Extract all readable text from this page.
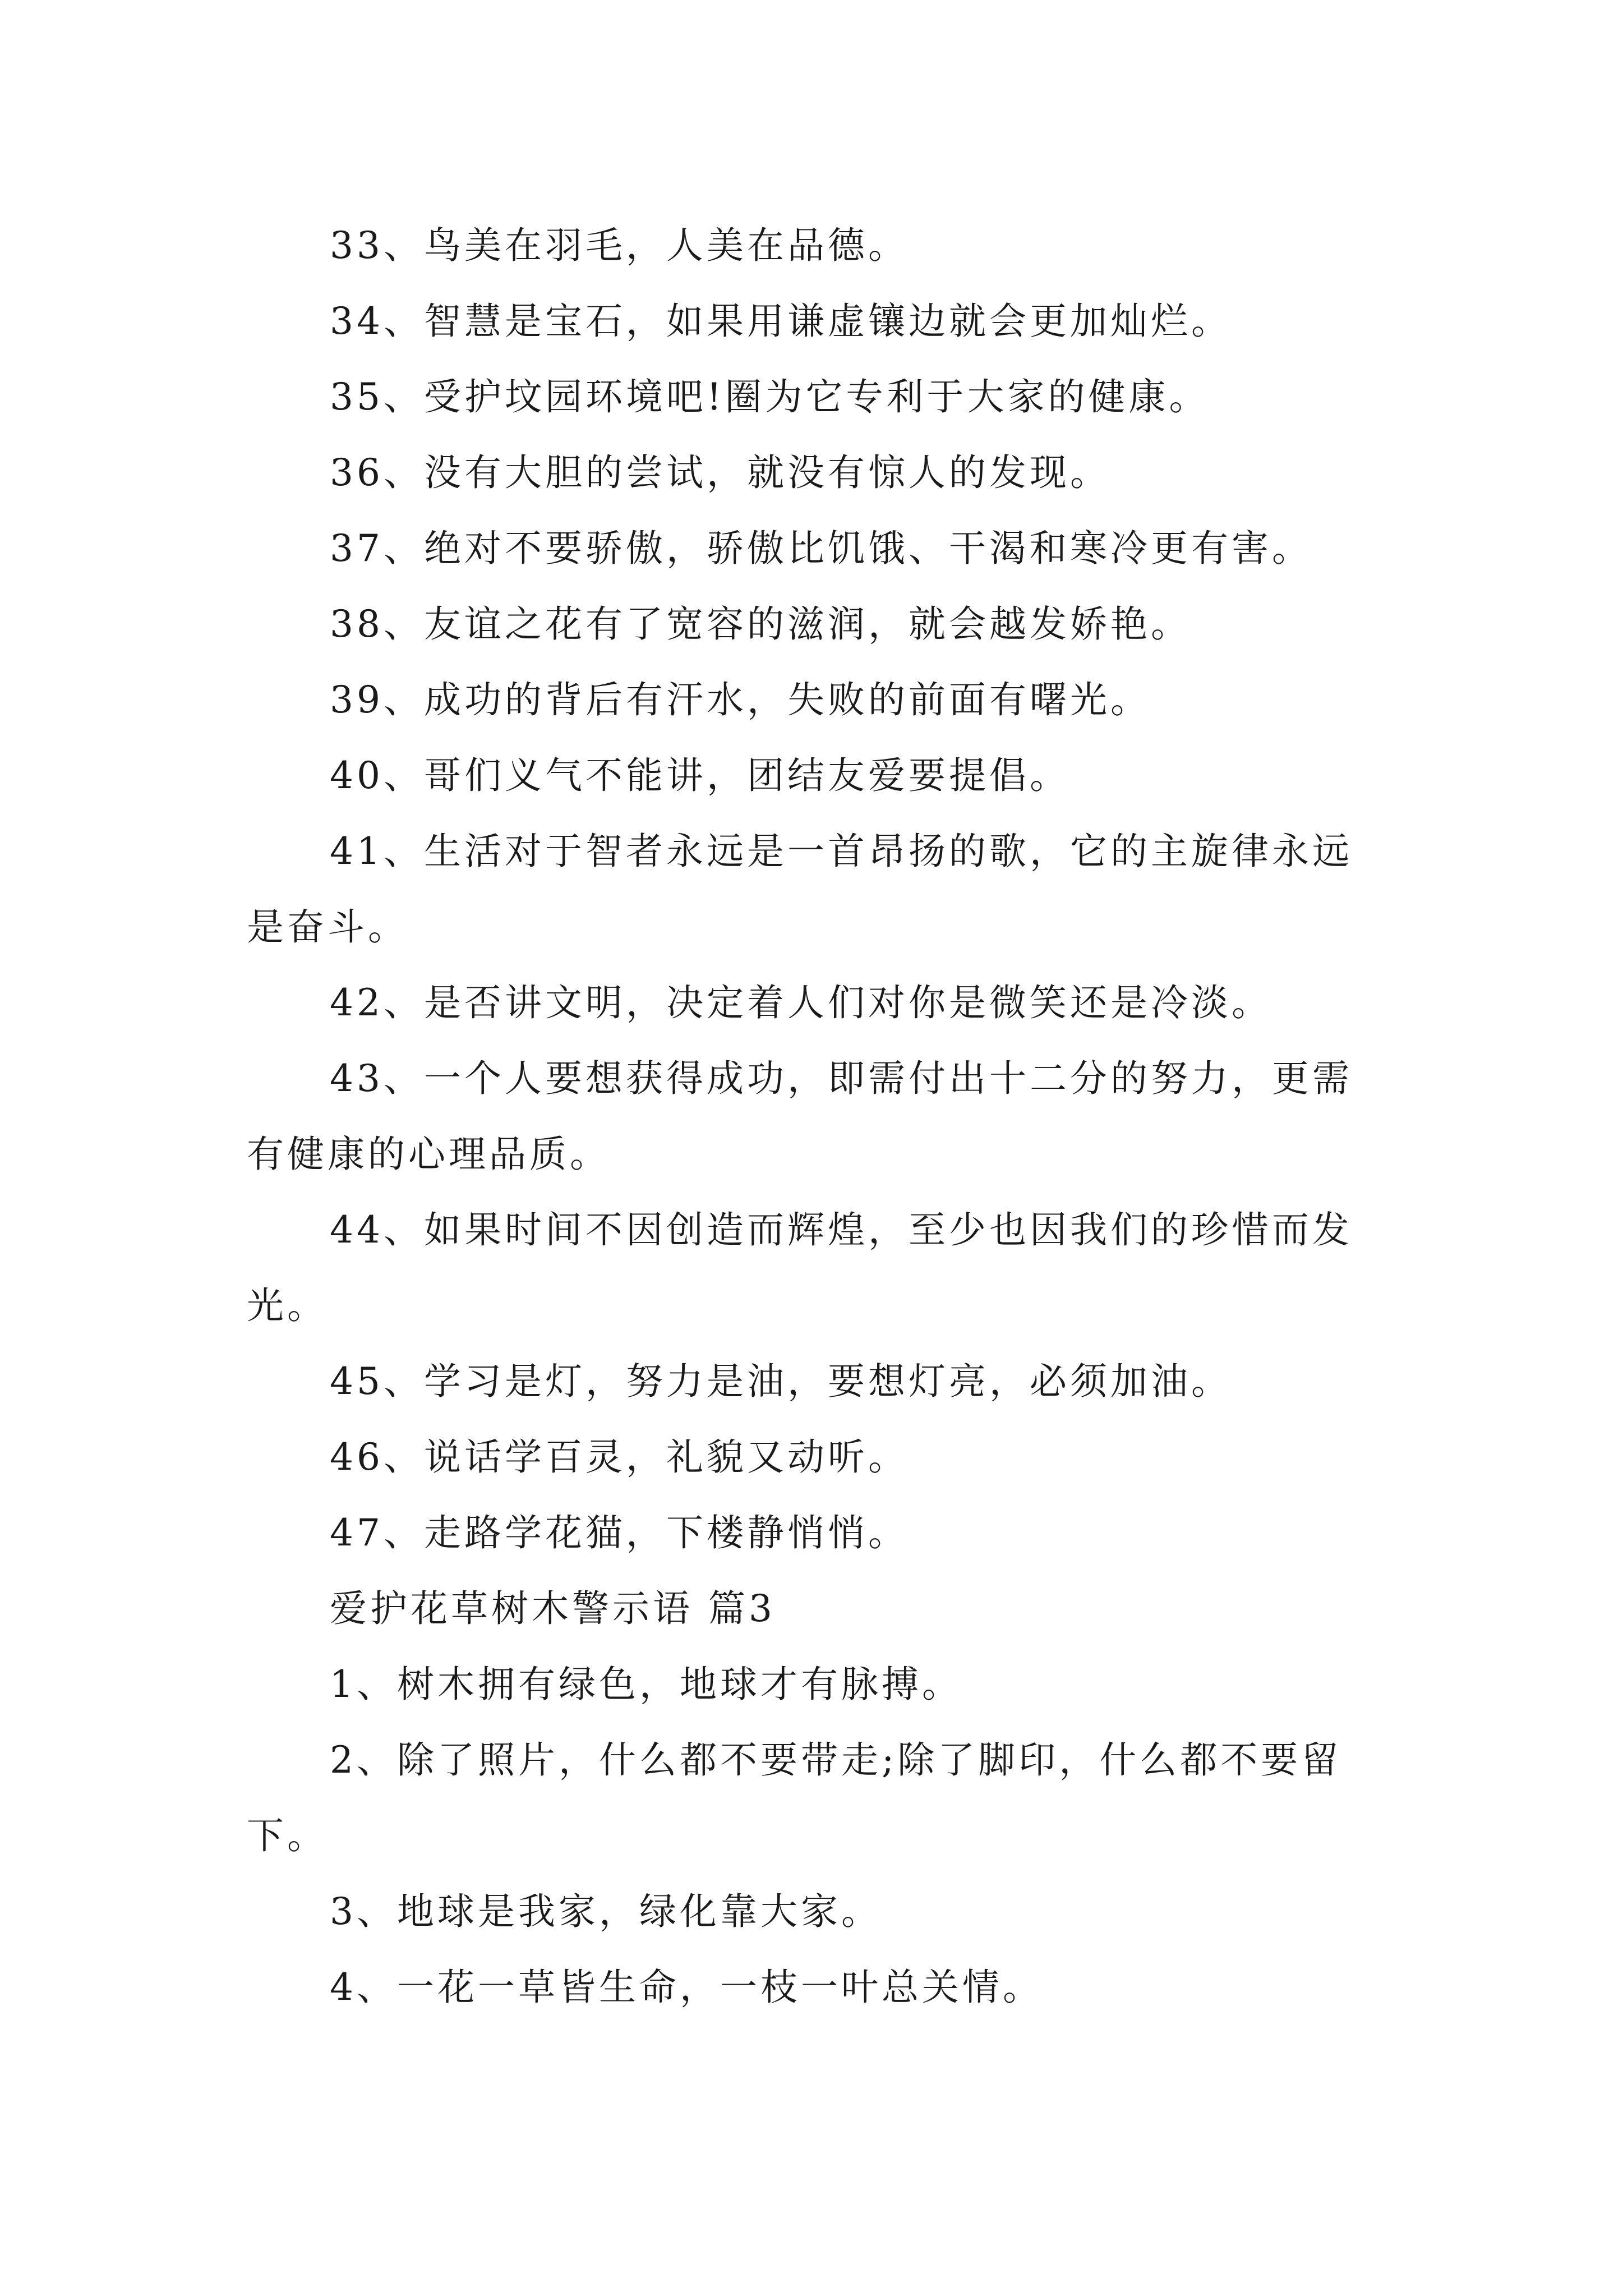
33、鸟美在羽毛，人美在品德。

34、智慧是宝石，如果用谦虚镶边就会更加灿烂。

35、受护坟园环境吧!圈为它专利于大家的健康。

36、没有大胆的尝试，就没有惊人的发现。

37、绝对不要骄傲，骄傲比饥饿、干渴和寒冷更有害。

38、友谊之花有了宽容的滋润，就会越发娇艳。

39、成功的背后有汗水，失败的前面有曙光。

40、哥们义气不能讲，团结友爱要提倡。

41、生活对于智者永远是一首昂扬的歌，它的主旋律永远是奋斗。

42、是否讲文明，决定着人们对你是微笑还是冷淡。

43、一个人要想获得成功，即需付出十二分的努力，更需有健康的心理品质。

44、如果时间不因创造而辉煌，至少也因我们的珍惜而发光。

45、学习是灯，努力是油，要想灯亮，必须加油。

46、说话学百灵，礼貌又动听。

47、走路学花猫，下楼静悄悄。

爱护花草树木警示语 篇3

1、树木拥有绿色，地球才有脉搏。

2、除了照片，什么都不要带走;除了脚印，什么都不要留下。

3、地球是我家，绿化靠大家。

4、一花一草皆生命，一枝一叶总关情。
